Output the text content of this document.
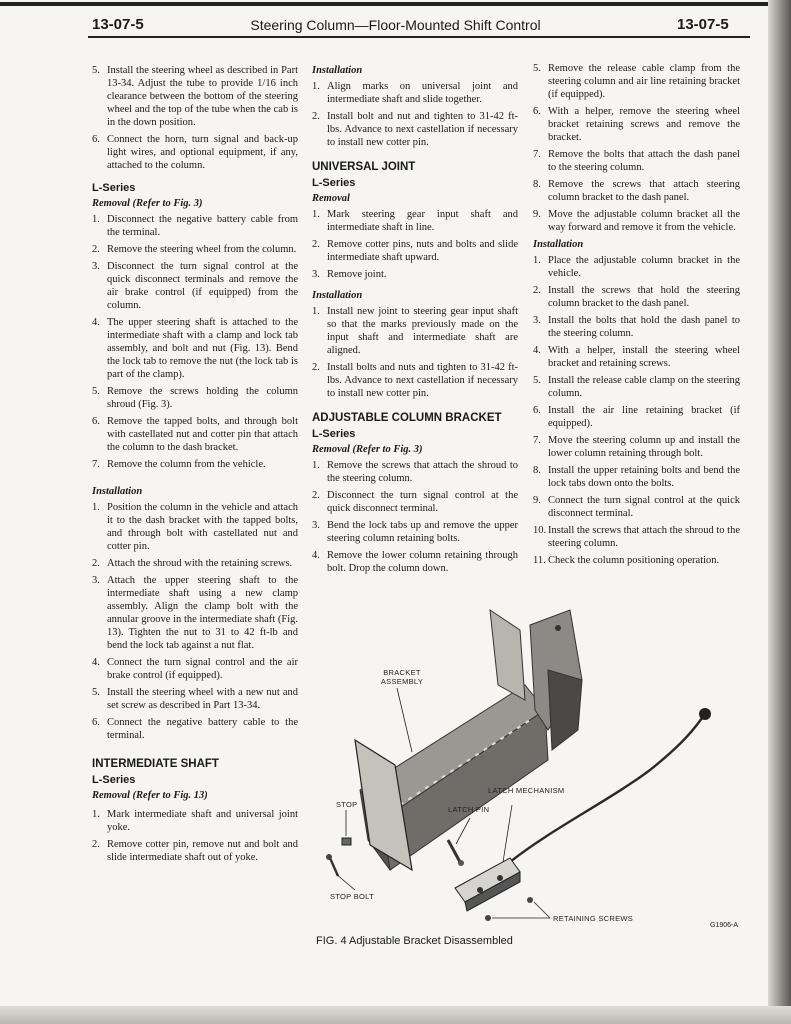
13-07-5	Steering Column—Floor-Mounted Shift Control	13-07-5
5. Install the steering wheel as described in Part 13-34. Adjust the tube to provide 1/16 inch clearance between the bottom of the steering wheel and the top of the tube when the cab is in the down position.
6. Connect the horn, turn signal and back-up light wires, and optional equipment, if any, attached to the column.
L-Series
Removal (Refer to Fig. 3)
1. Disconnect the negative battery cable from the terminal.
2. Remove the steering wheel from the column.
3. Disconnect the turn signal control at the quick disconnect terminals and remove the air brake control (if equipped) from the column.
4. The upper steering shaft is attached to the intermediate shaft with a clamp and lock tab assembly, and bolt and nut (Fig. 13). Bend the lock tab to remove the nut (the lock tab is part of the clamp).
5. Remove the screws holding the column shroud (Fig. 3).
6. Remove the tapped bolts, and through bolt with castellated nut and cotter pin that attach the column to the dash bracket.
7. Remove the column from the vehicle.
Installation
1. Position the column in the vehicle and attach it to the dash bracket with the tapped bolts, and through bolt with castellated nut and cotter pin.
2. Attach the shroud with the retaining screws.
3. Attach the upper steering shaft to the intermediate shaft using a new clamp assembly. Align the clamp bolt with the annular groove in the intermediate shaft (Fig. 13). Tighten the nut to 31 to 42 ft-lb and bend the lock tab against a nut flat.
4. Connect the turn signal control and the air brake control (if equipped).
5. Install the steering wheel with a new nut and set screw as described in Part 13-34.
6. Connect the negative battery cable to the terminal.
INTERMEDIATE SHAFT
L-Series
Removal (Refer to Fig. 13)
1. Mark intermediate shaft and universal joint yoke.
2. Remove cotter pin, remove nut and bolt and slide intermediate shaft out of yoke.
Installation
1. Align marks on universal joint and intermediate shaft and slide together.
2. Install bolt and nut and tighten to 31-42 ft-lbs. Advance to next castellation if necessary to install new cotter pin.
UNIVERSAL JOINT
L-Series
Removal
1. Mark steering gear input shaft and intermediate shaft in line.
2. Remove cotter pins, nuts and bolts and slide intermediate shaft upward.
3. Remove joint.
Installation
1. Install new joint to steering gear input shaft so that the marks previously made on the input shaft and intermediate shaft are aligned.
2. Install bolts and nuts and tighten to 31-42 ft-lbs. Advance to next castellation if necessary to install new cotter pin.
ADJUSTABLE COLUMN BRACKET
L-Series
Removal (Refer to Fig. 3)
1. Remove the screws that attach the shroud to the steering column.
2. Disconnect the turn signal control at the quick disconnect terminal.
3. Bend the lock tabs up and remove the upper steering column retaining bolts.
4. Remove the lower column retaining through bolt. Drop the column down.
5. Remove the release cable clamp from the steering column and air line retaining bracket (if equipped).
6. With a helper, remove the steering wheel bracket retaining screws and remove the bracket.
7. Remove the bolts that attach the dash panel to the steering column.
8. Remove the screws that attach steering column bracket to the dash panel.
9. Move the adjustable column bracket all the way forward and remove it from the vehicle.
Installation
1. Place the adjustable column bracket in the vehicle.
2. Install the screws that hold the steering column bracket to the dash panel.
3. Install the bolts that hold the dash panel to the steering column.
4. With a helper, install the steering wheel bracket and retaining screws.
5. Install the release cable clamp on the steering column.
6. Install the air line retaining bracket (if equipped).
7. Move the steering column up and install the lower column retaining through bolt.
8. Install the upper retaining bolts and bend the lock tabs down onto the bolts.
9. Connect the turn signal control at the quick disconnect terminal.
10. Install the screws that attach the shroud to the steering column.
11. Check the column positioning operation.
BRACKET ASSEMBLY
LATCH MECHANISM
STOP
LATCH PIN
STOP BOLT
RETAINING SCREWS
G1906-A
FIG. 4 Adjustable Bracket Disassembled
